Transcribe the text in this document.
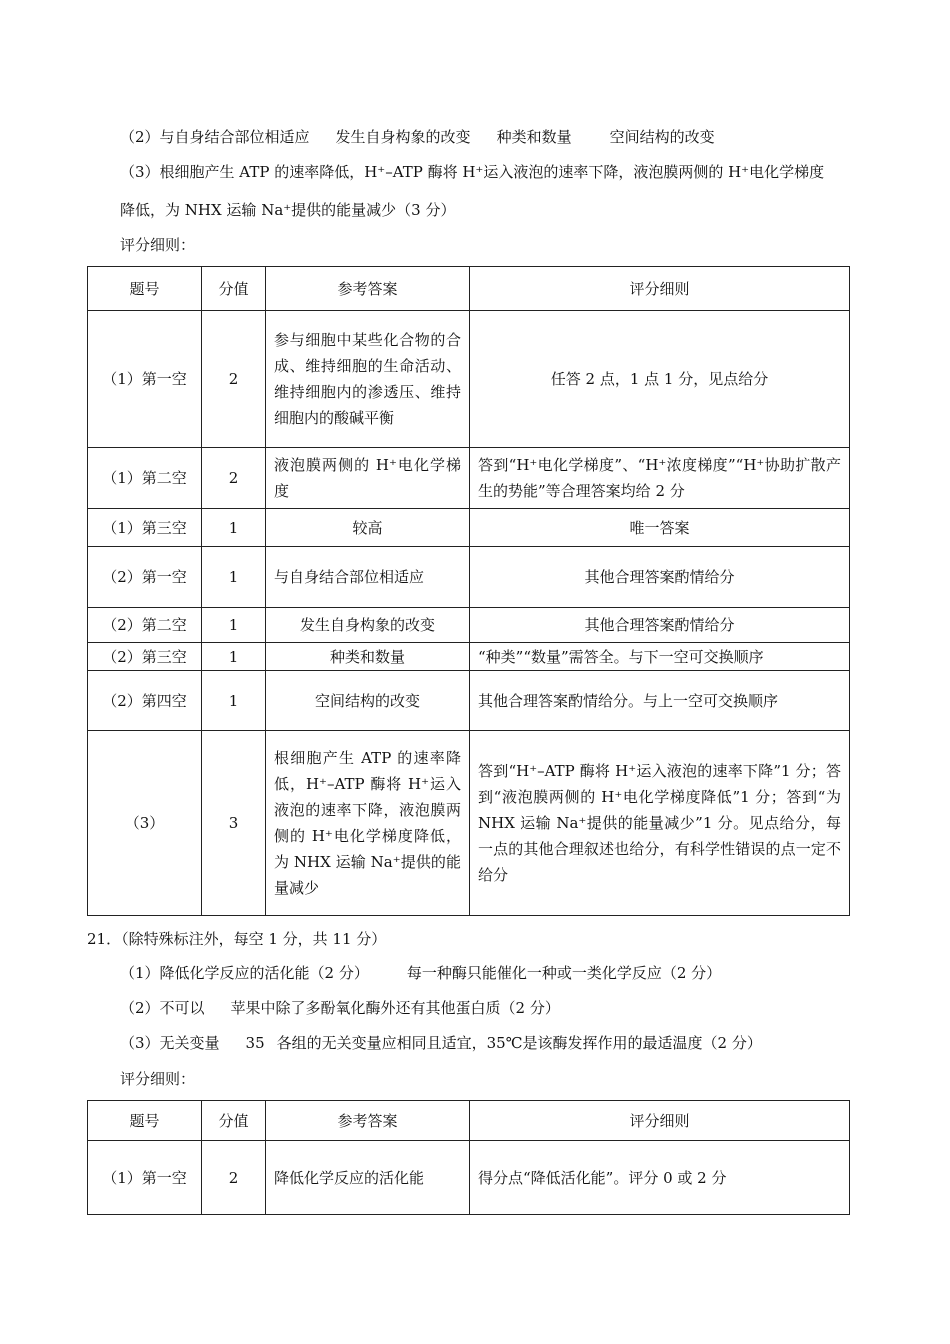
（2）与自身结合部位相适应 发生自身构象的改变 种类和数量	空间结构的改变
（3）根细胞产生 ATP 的速率降低，H⁺–ATP 酶将 H⁺运入液泡的速率下降，液泡膜两侧的 H⁺电化学梯度
降低，为 NHX 运输 Na⁺提供的能量减少（3 分）
评分细则：
题号	分值	参考答案	评分细则
（1）第一空	2	参与细胞中某些化合物的合成、维持细胞的生命活动、维持细胞内的渗透压、维持细胞内的酸碱平衡	任答 2 点，1 点 1 分，见点给分
（1）第二空	2	液泡膜两侧的 H⁺电化学梯度	答到“H⁺电化学梯度”、“H⁺浓度梯度”“H⁺协助扩散产生的势能”等合理答案均给 2 分
（1）第三空	1	较高	唯一答案
（2）第一空	1	与自身结合部位相适应	其他合理答案酌情给分
（2）第二空	1	发生自身构象的改变	其他合理答案酌情给分
（2）第三空	1	种类和数量	“种类”“数量”需答全。与下一空可交换顺序
（2）第四空	1	空间结构的改变	其他合理答案酌情给分。与上一空可交换顺序
（3）	3	根细胞产生 ATP 的速率降低，H⁺–ATP 酶将 H⁺运入液泡的速率下降，液泡膜两侧的 H⁺电化学梯度降低，为 NHX 运输 Na⁺提供的能量减少	答到“H⁺–ATP 酶将 H⁺运入液泡的速率下降”1 分；答到“液泡膜两侧的 H⁺电化学梯度降低”1 分；答到“为 NHX 运输 Na⁺提供的能量减少”1 分。见点给分，每一点的其他合理叙述也给分，有科学性错误的点一定不给分
21．（除特殊标注外，每空 1 分，共 11 分）
（1）降低化学反应的活化能（2 分）	每一种酶只能催化一种或一类化学反应（2 分）
（2）不可以 苹果中除了多酚氧化酶外还有其他蛋白质（2 分）
（3）无关变量 35 各组的无关变量应相同且适宜，35℃是该酶发挥作用的最适温度（2 分）
评分细则：
题号	分值	参考答案	评分细则
（1）第一空	2	降低化学反应的活化能	得分点“降低活化能”。评分 0 或 2 分
